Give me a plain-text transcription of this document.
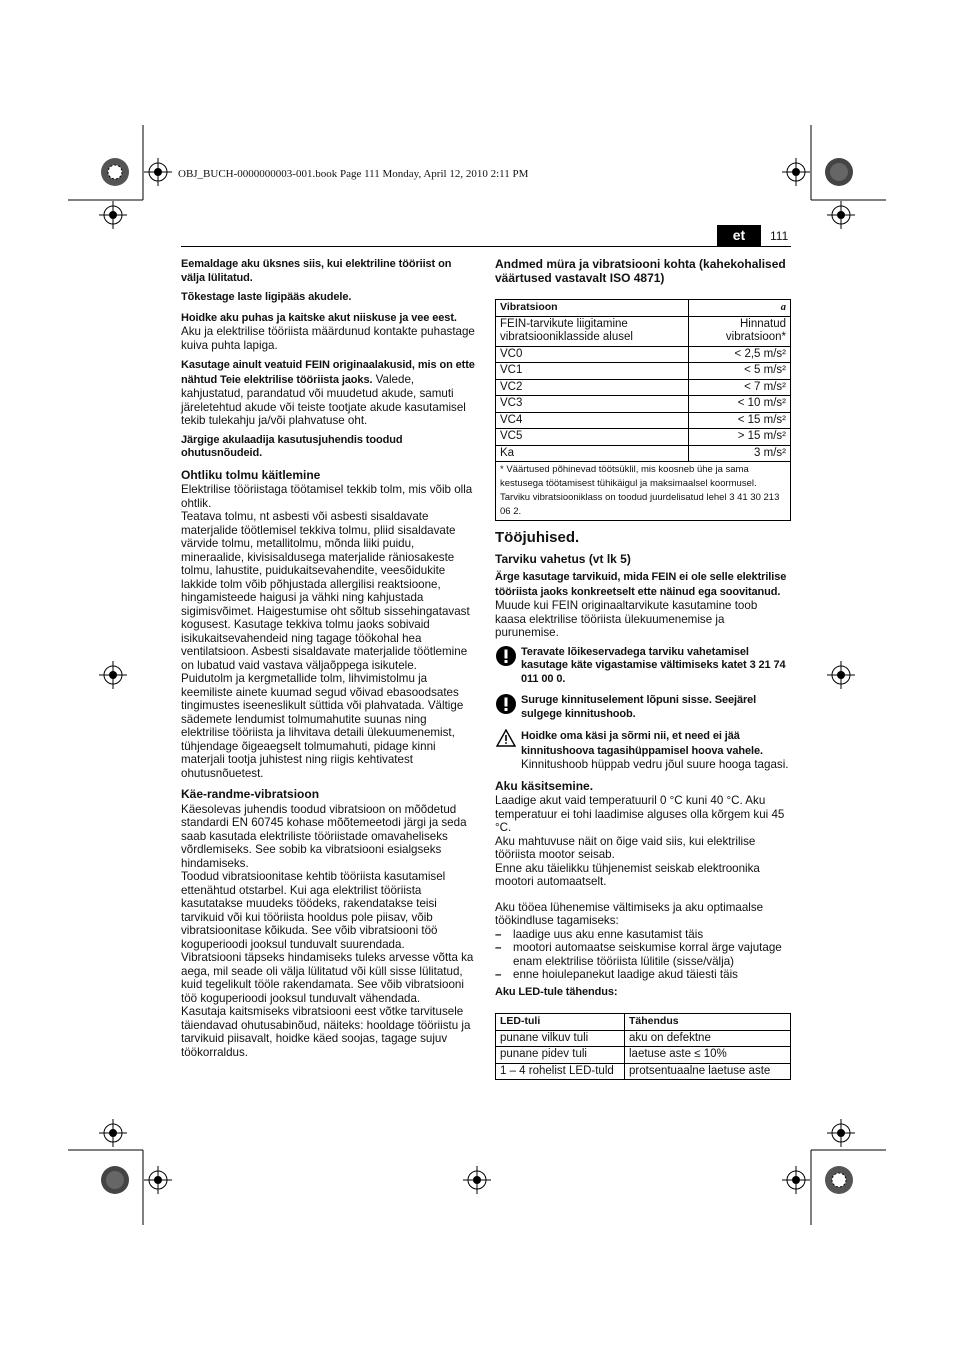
OBJ_BUCH-0000000003-001.book Page 111 Monday, April 12, 2010 2:11 PM
et	111

Eemaldage aku üksnes siis, kui elektriline tööriist on välja lülitatud.

Tõkestage laste ligipääs akudele.

Hoidke aku puhas ja kaitske akut niiskuse ja vee eest.
Aku ja elektrilise tööriista määrdunud kontakte puhastage kuiva puhta lapiga.

Kasutage ainult veatuid FEIN originaalakusid, mis on ette nähtud Teie elektrilise tööriista jaoks. Valede, kahjustatud, parandatud või muudetud akude, samuti järeletehtud akude või teiste tootjate akude kasutamisel tekib tulekahju ja/või plahvatuse oht.

Järgige akulaadija kasutusjuhendis toodud ohutusnõudeid.

Ohtliku tolmu käitlemine
Elektrilise tööriistaga töötamisel tekkib tolm, mis võib olla ohtlik.
Teatava tolmu, nt asbesti või asbesti sisaldavate materjalide töötlemisel tekkiva tolmu, pliid sisaldavate värvide tolmu, metallitolmu, mõnda liiki puidu, mineraalide, kivisisaldusega materjalide räniosakeste tolmu, lahustite, puidukaitsevahendite, veesõidukite lakkide tolm võib põhjustada allergilisi reaktsioone, hingamisteede haigusi ja vähki ning kahjustada sigimisvõimet. Haigestumise oht sõltub sissehingatavast kogusest. Kasutage tekkiva tolmu jaoks sobivaid isikukaitsevahendeid ning tagage töökohal hea ventilatsioon. Asbesti sisaldavate materjalide töötlemine on lubatud vaid vastava väljaõppega isikutele.
Puidutolm ja kergmetallide tolm, lihvimistolmu ja keemiliste ainete kuumad segud võivad ebasoodsates tingimustes iseeneslikult süttida või plahvatada. Vältige sädemete lendumist tolmumahutite suunas ning elektrilise tööriista ja lihvitava detaili ülekuumenemist, tühjendage õigeaegselt tolmumahuti, pidage kinni materjali tootja juhistest ning riigis kehtivatest ohutusnõuetest.
Käe-randme-vibratsioon
Käesolevas juhendis toodud vibratsioon on mõõdetud standardi EN 60745 kohase mõõtemeetodi järgi ja seda saab kasutada elektriliste tööriistade omavaheliseks võrdlemiseks. See sobib ka vibratsiooni esialgseks hindamiseks.
Toodud vibratsioonitase kehtib tööriista kasutamisel ettenähtud otstarbel. Kui aga elektrilist tööriista kasutatakse muudeks töödeks, rakendatakse teisi tarvikuid või kui tööriista hooldus pole piisav, võib vibratsioonitase kõikuda. See võib vibratsiooni töö koguperioodi jooksul tunduvalt suurendada.
Vibratsiooni täpseks hindamiseks tuleks arvesse võtta ka aega, mil seade oli välja lülitatud või küll sisse lülitatud, kuid tegelikult tööle rakendamata. See võib vibratsiooni töö koguperioodi jooksul tunduvalt vähendada.
Kasutaja kaitsmiseks vibratsiooni eest võtke tarvitusele täiendavad ohutusabinõud, näiteks: hooldage tööriistu ja tarvikuid piisavalt, hoidke käed soojas, tagage sujuv töökorraldus.
Andmed müra ja vibratsiooni kohta (kahekohalised väärtused vastavalt ISO 4871)
Vibratsioon	a
FEIN-tarvikute liigitamine vibratsiooniklasside alusel	Hinnatud vibratsioon*
VC0	< 2,5 m/s²
VC1	< 5 m/s²
VC2	< 7 m/s²
VC3	< 10 m/s²
VC4	< 15 m/s²
VC5	> 15 m/s²
Ka	3 m/s²
* Väärtused põhinevad töötsüklil, mis koosneb ühe ja sama kestusega töötamisest tühikäigul ja maksimaalsel koormusel. Tarviku vibratsiooniklass on toodud juurdelisatud lehel 3 41 30 213 06 2.	
Tööjuhised.
Tarviku vahetus (vt lk 5)

Ärge kasutage tarvikuid, mida FEIN ei ole selle elektrilise tööriista jaoks konkreetselt ette näinud ega soovitanud.
Muude kui FEIN originaaltarvikute kasutamine toob kaasa elektrilise tööriista ülekuumenemise ja purunemise.

Teravate lõikeservadega tarviku vahetamisel kasutage käte vigastamise vältimiseks katet 3 21 74 011 00 0.
Suruge kinnituselement lõpuni sisse. Seejärel sulgege kinnitushoob.
Hoidke oma käsi ja sõrmi nii, et need ei jää kinnitushoova tagasihüppamisel hoova vahele.
Kinnitushoob hüppab vedru jõul suure hooga tagasi.
Aku käsitsemine.
Laadige akut vaid temperatuuril 0 °C kuni 40 °C. Aku temperatuur ei tohi laadimise alguses olla kõrgem kui 45 °C.
Aku mahtuvuse näit on õige vaid siis, kui elektrilise tööriista mootor seisab.
Enne aku täielikku tühjenemist seiskab elektroonika mootori automaatselt.
Aku tööea lühenemise vältimiseks ja aku optimaalse töökindluse tagamiseks:
– laadige uus aku enne kasutamist täis
– mootori automaatse seiskumise korral ärge vajutage enam elektrilise tööriista lülitile (sisse/välja)
– enne hoiulepanekut laadige akud täiesti täis

Aku LED-tule tähendus:

LED-tuli	Tähendus
punane vilkuv tuli	aku on defektne
punane pidev tuli	laetuse aste ≤ 10%
1 – 4 rohelist LED-tuld	protsentuaalne laetuse aste
